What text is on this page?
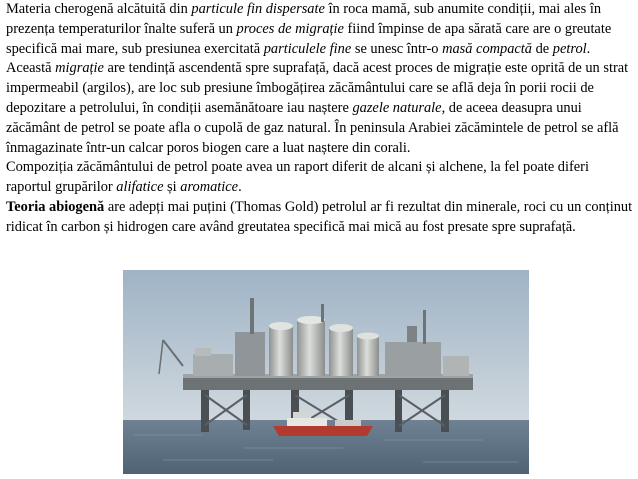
Materia cherogenă alcătuită din particule fin dispersate în roca mamă, sub anumite condiții, mai ales în prezența temperaturilor înalte suferă un proces de migrație fiind împinse de apa sărată care are o greutate specifică mai mare, sub presiunea exercitată particulele fine se unesc într-o masă compactă de petrol. Această migrație are tendință ascendentă spre suprafață, dacă acest proces de migrație este oprită de un strat impermeabil (argilos), are loc sub presiune îmbogățirea zăcământului care se află deja în porii rocii de depozitare a petrolului, în condiții asemănătoare iau naștere gazele naturale, de aceea deasupra unui zăcământ de petrol se poate afla o cupolă de gaz natural. În peninsula Arabiei zăcămintele de petrol se află înmagazinate într-un calcar poros biogen care a luat naștere din corali.

Compoziția zăcământului de petrol poate avea un raport diferit de alcani și alchene, la fel poate diferi raportul grupărilor alifatice și aromatice.

Teoria abiogenă are adepți mai puțini (Thomas Gold) petrolul ar fi rezultat din minerale, roci cu un conținut ridicat în carbon și hidrogen care având greutatea specifică mai mică au fost presate spre suprafață.
